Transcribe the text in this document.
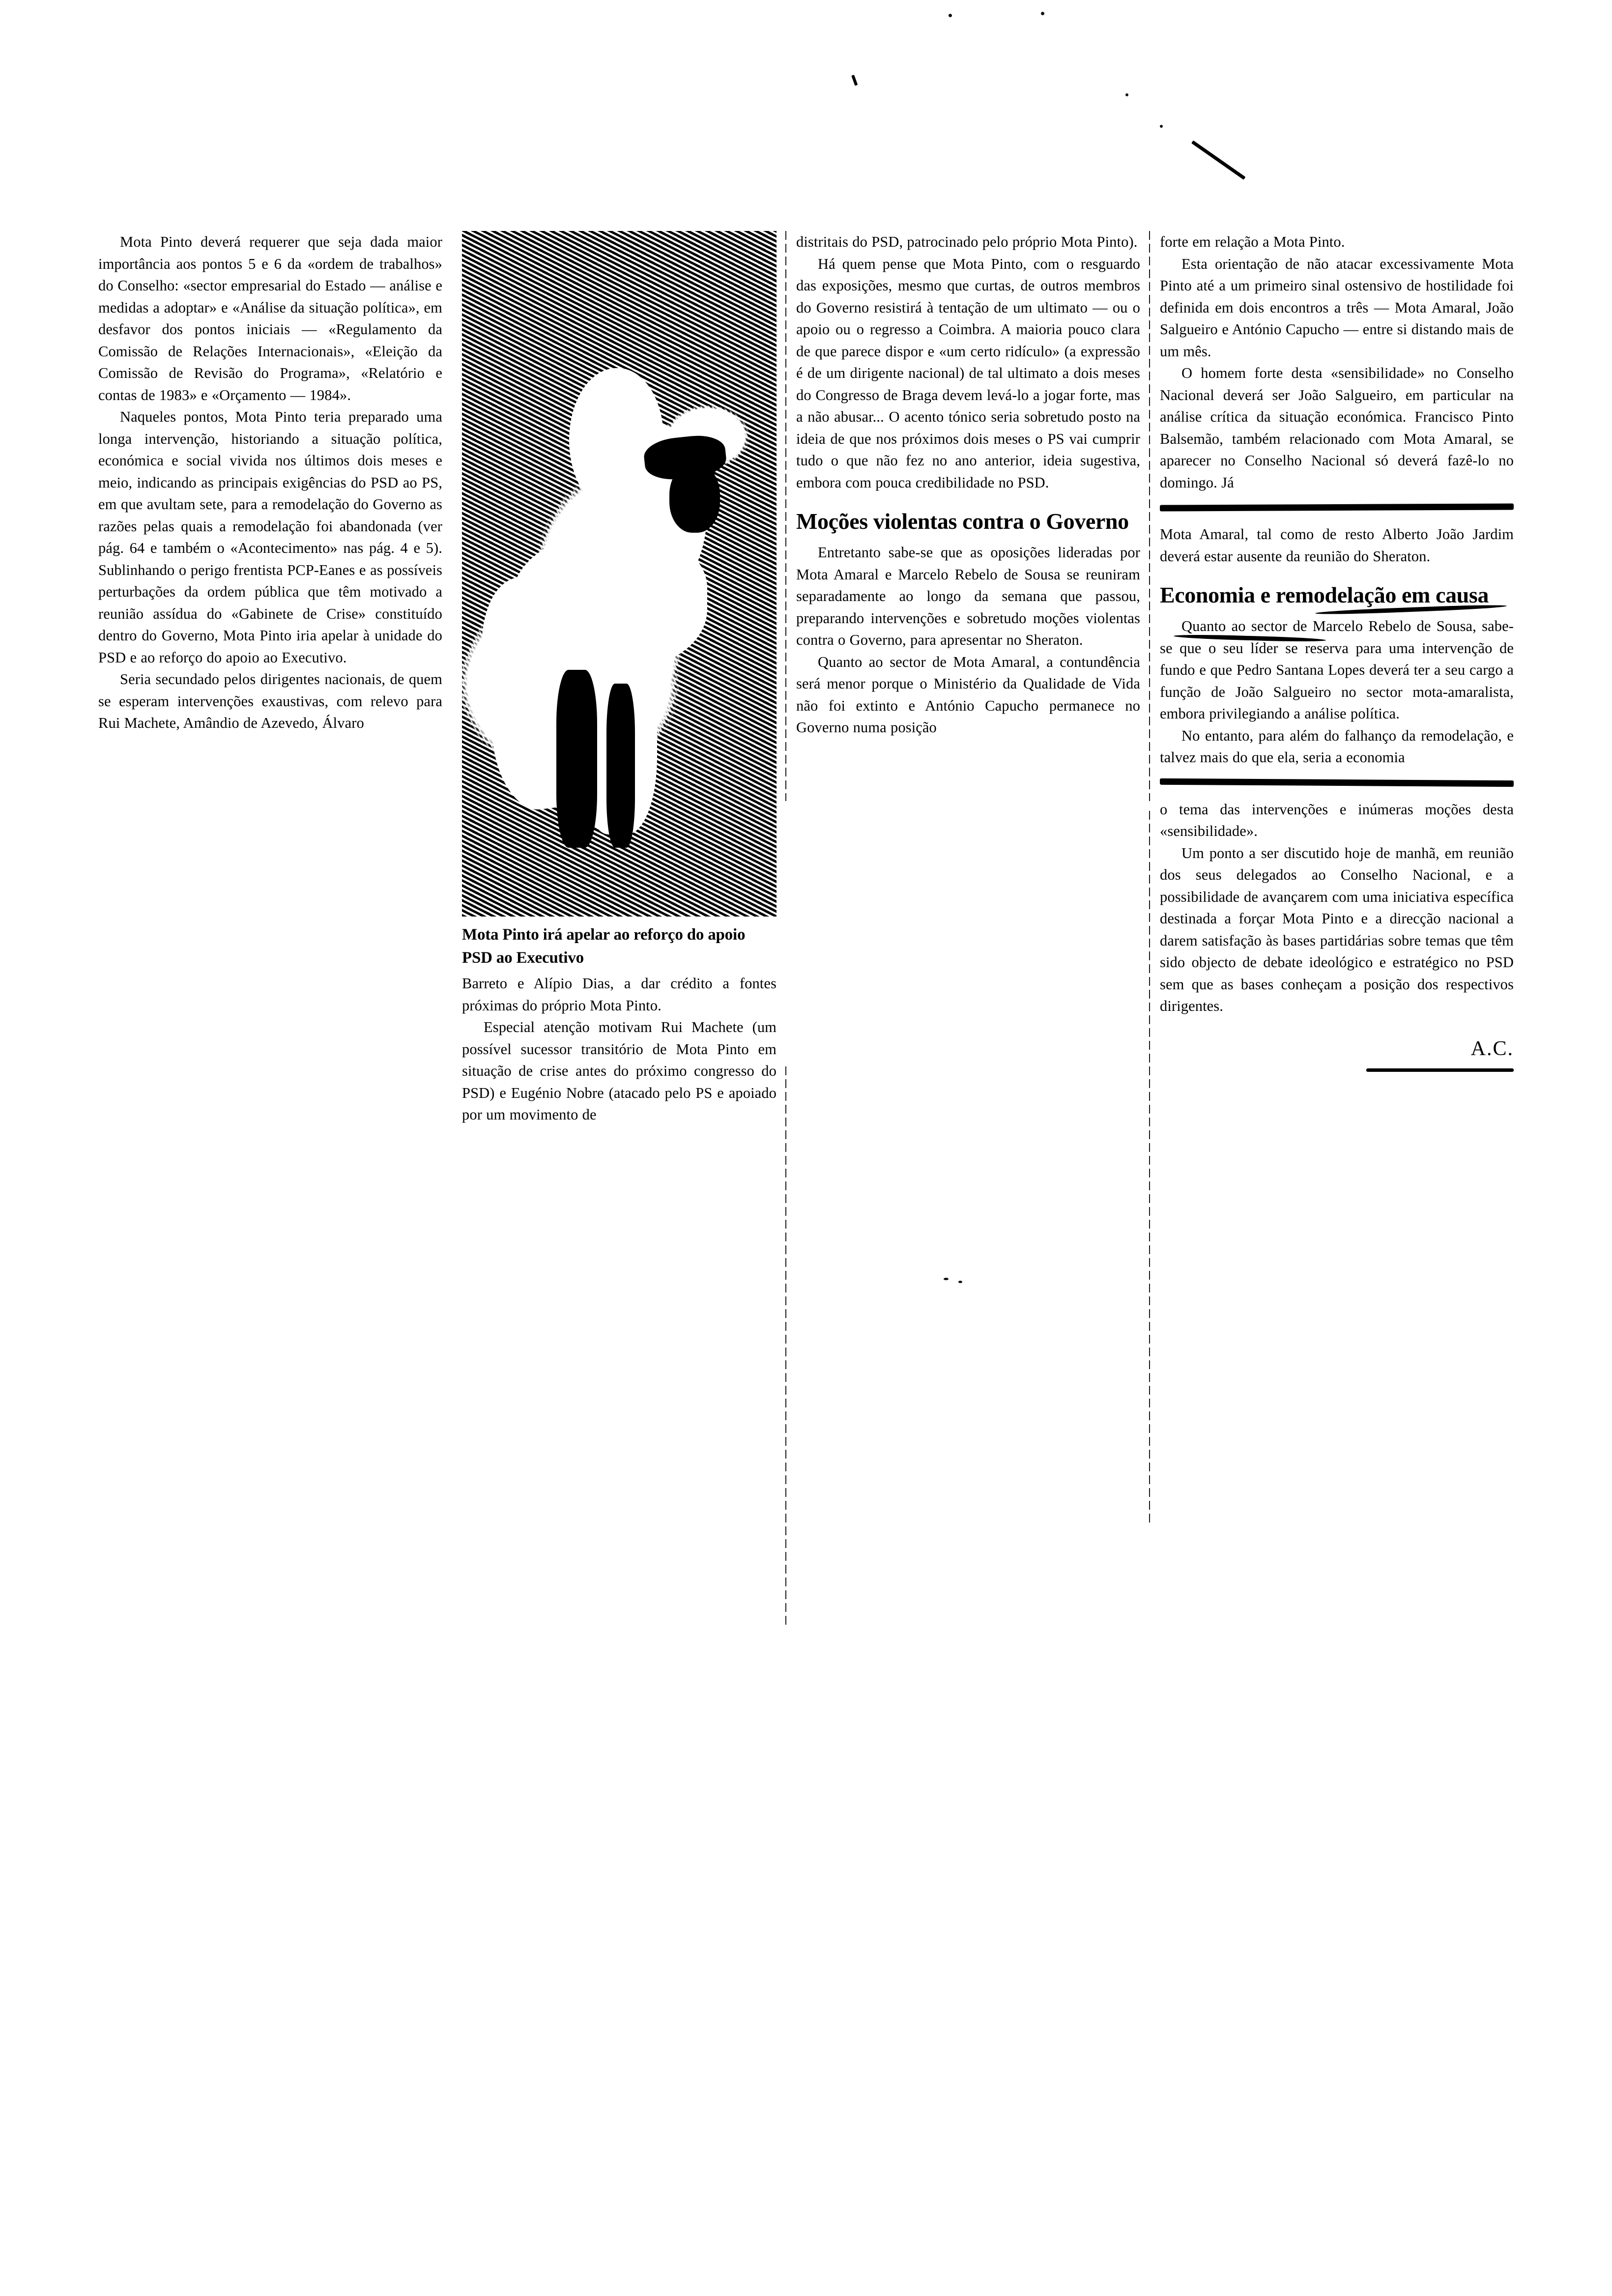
Mota Pinto deverá requerer que seja dada maior importância aos pontos 5 e 6 da «ordem de trabalhos» do Conselho: «sector empresarial do Estado — análise e medidas a adoptar» e «Análise da situação política», em desfavor dos pontos iniciais — «Regulamento da Comissão de Relações Internacionais», «Eleição da Comissão de Revisão do Programa», «Relatório e contas de 1983» e «Orçamento — 1984».

Naqueles pontos, Mota Pinto teria preparado uma longa intervenção, historiando a situação política, económica e social vivida nos últimos dois meses e meio, indicando as principais exigências do PSD ao PS, em que avultam sete, para a remodelação do Governo as razões pelas quais a remodelação foi abandonada (ver pág. 64 e também o «Acontecimento» nas pág. 4 e 5). Sublinhando o perigo frentista PCP-Eanes e as possíveis perturbações da ordem pública que têm motivado a reunião assídua do «Gabinete de Crise» constituído dentro do Governo, Mota Pinto iria apelar à unidade do PSD e ao reforço do apoio ao Executivo.

Seria secundado pelos dirigentes nacionais, de quem se esperam intervenções exaustivas, com relevo para Rui Machete, Amândio de Azevedo, Álvaro

Mota Pinto irá apelar ao reforço do apoio PSD ao Executivo

Barreto e Alípio Dias, a dar crédito a fontes próximas do próprio Mota Pinto.

Especial atenção motivam Rui Machete (um possível sucessor transitório de Mota Pinto em situação de crise antes do próximo congresso do PSD) e Eugénio Nobre (atacado pelo PS e apoiado por um movimento de

distritais do PSD, patrocinado pelo próprio Mota Pinto).

Há quem pense que Mota Pinto, com o resguardo das exposições, mesmo que curtas, de outros membros do Governo resistirá à tentação de um ultimato — ou o apoio ou o regresso a Coimbra. A maioria pouco clara de que parece dispor e «um certo ridículo» (a expressão é de um dirigente nacional) de tal ultimato a dois meses do Congresso de Braga devem levá-lo a jogar forte, mas a não abusar... O acento tónico seria sobretudo posto na ideia de que nos próximos dois meses o PS vai cumprir tudo o que não fez no ano anterior, ideia sugestiva, embora com pouca credibilidade no PSD.

Moções violentas contra o Governo

Entretanto sabe-se que as oposições lideradas por Mota Amaral e Marcelo Rebelo de Sousa se reuniram separadamente ao longo da semana que passou, preparando intervenções e sobretudo moções violentas contra o Governo, para apresentar no Sheraton.

Quanto ao sector de Mota Amaral, a contundência será menor porque o Ministério da Qualidade de Vida não foi extinto e António Capucho permanece no Governo numa posição

forte em relação a Mota Pinto.

Esta orientação de não atacar excessivamente Mota Pinto até a um primeiro sinal ostensivo de hostilidade foi definida em dois encontros a três — Mota Amaral, João Salgueiro e António Capucho — entre si distando mais de um mês.

O homem forte desta «sensibilidade» no Conselho Nacional deverá ser João Salgueiro, em particular na análise crítica da situação económica. Francisco Pinto Balsemão, também relacionado com Mota Amaral, se aparecer no Conselho Nacional só deverá fazê-lo no domingo. Já

Mota Amaral, tal como de resto Alberto João Jardim deverá estar ausente da reunião do Sheraton.

Economia e remodelação em causa

Quanto ao sector de Marcelo Rebelo de Sousa, sabe-se que o seu líder se reserva para uma intervenção de fundo e que Pedro Santana Lopes deverá ter a seu cargo a função de João Salgueiro no sector mota-amaralista, embora privilegiando a análise política.

No entanto, para além do falhanço da remodelação, e talvez mais do que ela, seria a economia

o tema das intervenções e inúmeras moções desta «sensibilidade».

Um ponto a ser discutido hoje de manhã, em reunião dos seus delegados ao Conselho Nacional, e a possibilidade de avançarem com uma iniciativa específica destinada a forçar Mota Pinto e a direcção nacional a darem satisfação às bases partidárias sobre temas que têm sido objecto de debate ideológico e estratégico no PSD sem que as bases conheçam a posição dos respectivos dirigentes.

A.C.
